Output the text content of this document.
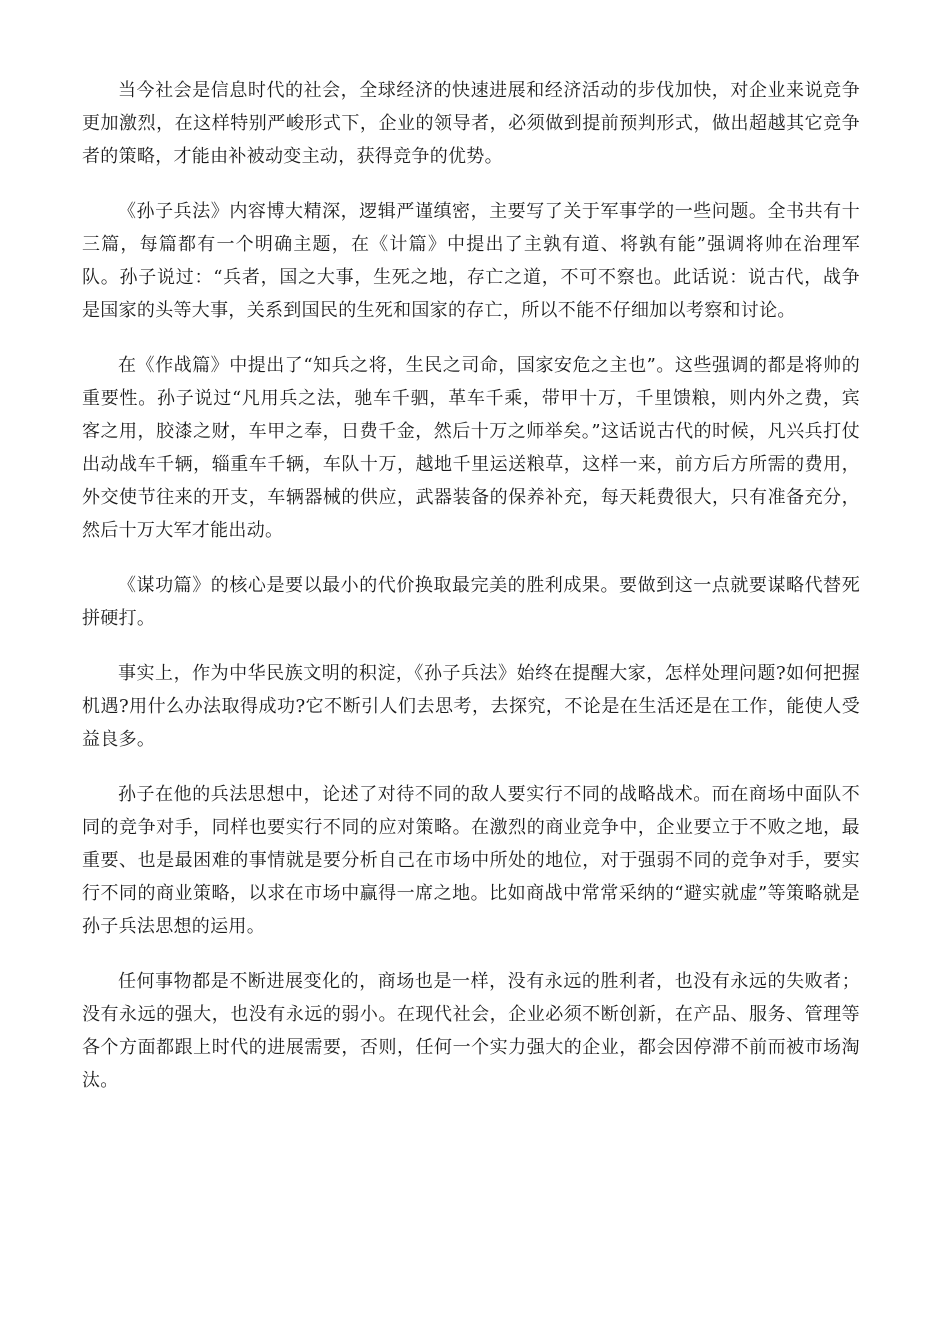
当今社会是信息时代的社会，全球经济的快速进展和经济活动的步伐加快，对企业来说竞争更加激烈，在这样特别严峻形式下，企业的领导者，必须做到提前预判形式，做出超越其它竞争者的策略，才能由补被动变主动，获得竞争的优势。

《孙子兵法》内容博大精深，逻辑严谨缜密，主要写了关于军事学的一些问题。全书共有十三篇，每篇都有一个明确主题，在《计篇》中提出了主孰有道、将孰有能”强调将帅在治理军队。孙子说过：“兵者，国之大事，生死之地，存亡之道，不可不察也。此话说：说古代，战争是国家的头等大事，关系到国民的生死和国家的存亡，所以不能不仔细加以考察和讨论。

在《作战篇》中提出了“知兵之将，生民之司命，国家安危之主也”。这些强调的都是将帅的重要性。孙子说过“凡用兵之法，驰车千驷，革车千乘，带甲十万，千里馈粮，则内外之费，宾客之用，胶漆之财，车甲之奉，日费千金，然后十万之师举矣。”这话说古代的时候，凡兴兵打仗出动战车千辆，辎重车千辆，车队十万，越地千里运送粮草，这样一来，前方后方所需的费用，外交使节往来的开支，车辆器械的供应，武器装备的保养补充，每天耗费很大，只有准备充分，然后十万大军才能出动。

《谋功篇》的核心是要以最小的代价换取最完美的胜利成果。要做到这一点就要谋略代替死拼硬打。

事实上，作为中华民族文明的积淀，《孙子兵法》始终在提醒大家，怎样处理问题?如何把握机遇?用什么办法取得成功?它不断引人们去思考，去探究，不论是在生活还是在工作，能使人受益良多。

孙子在他的兵法思想中，论述了对待不同的敌人要实行不同的战略战术。而在商场中面队不同的竞争对手，同样也要实行不同的应对策略。在激烈的商业竞争中，企业要立于不败之地，最重要、也是最困难的事情就是要分析自己在市场中所处的地位，对于强弱不同的竞争对手，要实行不同的商业策略，以求在市场中赢得一席之地。比如商战中常常采纳的“避实就虚”等策略就是孙子兵法思想的运用。

任何事物都是不断进展变化的，商场也是一样，没有永远的胜利者，也没有永远的失败者；没有永远的强大，也没有永远的弱小。在现代社会，企业必须不断创新，在产品、服务、管理等各个方面都跟上时代的进展需要，否则，任何一个实力强大的企业，都会因停滞不前而被市场淘汰。
